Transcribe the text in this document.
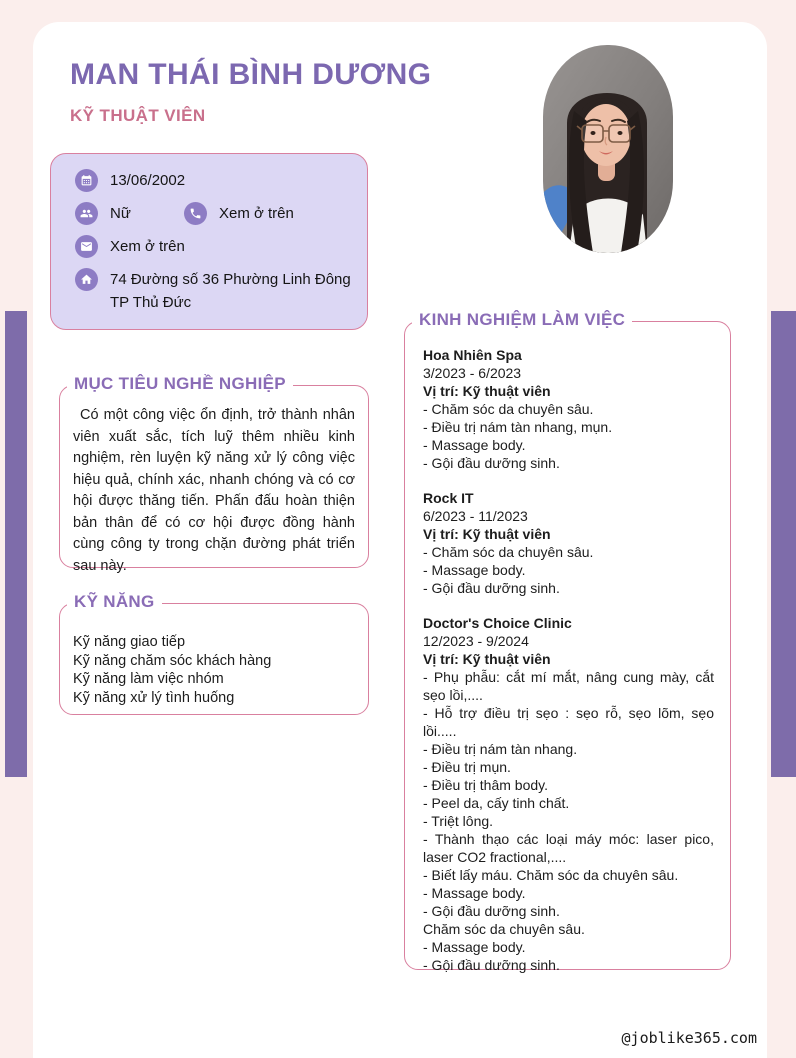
MAN THÁI BÌNH DƯƠNG
KỸ THUẬT VIÊN
13/06/2002
Nữ	Xem ở trên
Xem ở trên
74 Đường số 36 Phường Linh Đông
TP Thủ Đức
MỤC TIÊU NGHỀ NGHIỆP
Có một công việc ổn định, trở thành nhân viên xuất sắc, tích luỹ thêm nhiều kinh nghiệm, rèn luyện kỹ năng xử lý công việc hiệu quả, chính xác, nhanh chóng và có cơ hội được thăng tiến. Phấn đấu hoàn thiện bản thân để có cơ hội được đồng hành cùng công ty trong chặn đường phát triển sau này.
KỸ NĂNG
Kỹ năng giao tiếp
Kỹ năng chăm sóc khách hàng
Kỹ năng làm việc nhóm
Kỹ năng xử lý tình huống
KINH NGHIỆM LÀM VIỆC
Hoa Nhiên Spa
3/2023 - 6/2023
Vị trí: Kỹ thuật viên
- Chăm sóc da chuyên sâu.
- Điều trị nám tàn nhang, mụn.
- Massage body.
- Gội đầu dưỡng sinh.
Rock IT
6/2023 - 11/2023
Vị trí: Kỹ thuật viên
- Chăm sóc da chuyên sâu.
- Massage body.
- Gội đầu dưỡng sinh.
Doctor's Choice Clinic
12/2023 - 9/2024
Vị trí: Kỹ thuật viên
- Phụ phẫu: cắt mí mắt, nâng cung mày, cắt sẹo lồi,....
- Hỗ trợ điều trị sẹo : sẹo rỗ, sẹo lõm, sẹo lồi.....
- Điều trị nám tàn nhang.
- Điều trị mụn.
- Điều trị thâm body.
- Peel da, cấy tinh chất.
- Triệt lông.
- Thành thạo các loại máy móc: laser pico, laser CO2 fractional,....
- Biết lấy máu. Chăm sóc da chuyên sâu.
- Massage body.
- Gội đầu dưỡng sinh.
Chăm sóc da chuyên sâu.
- Massage body.
- Gội đầu dưỡng sinh.
@joblike365.com
